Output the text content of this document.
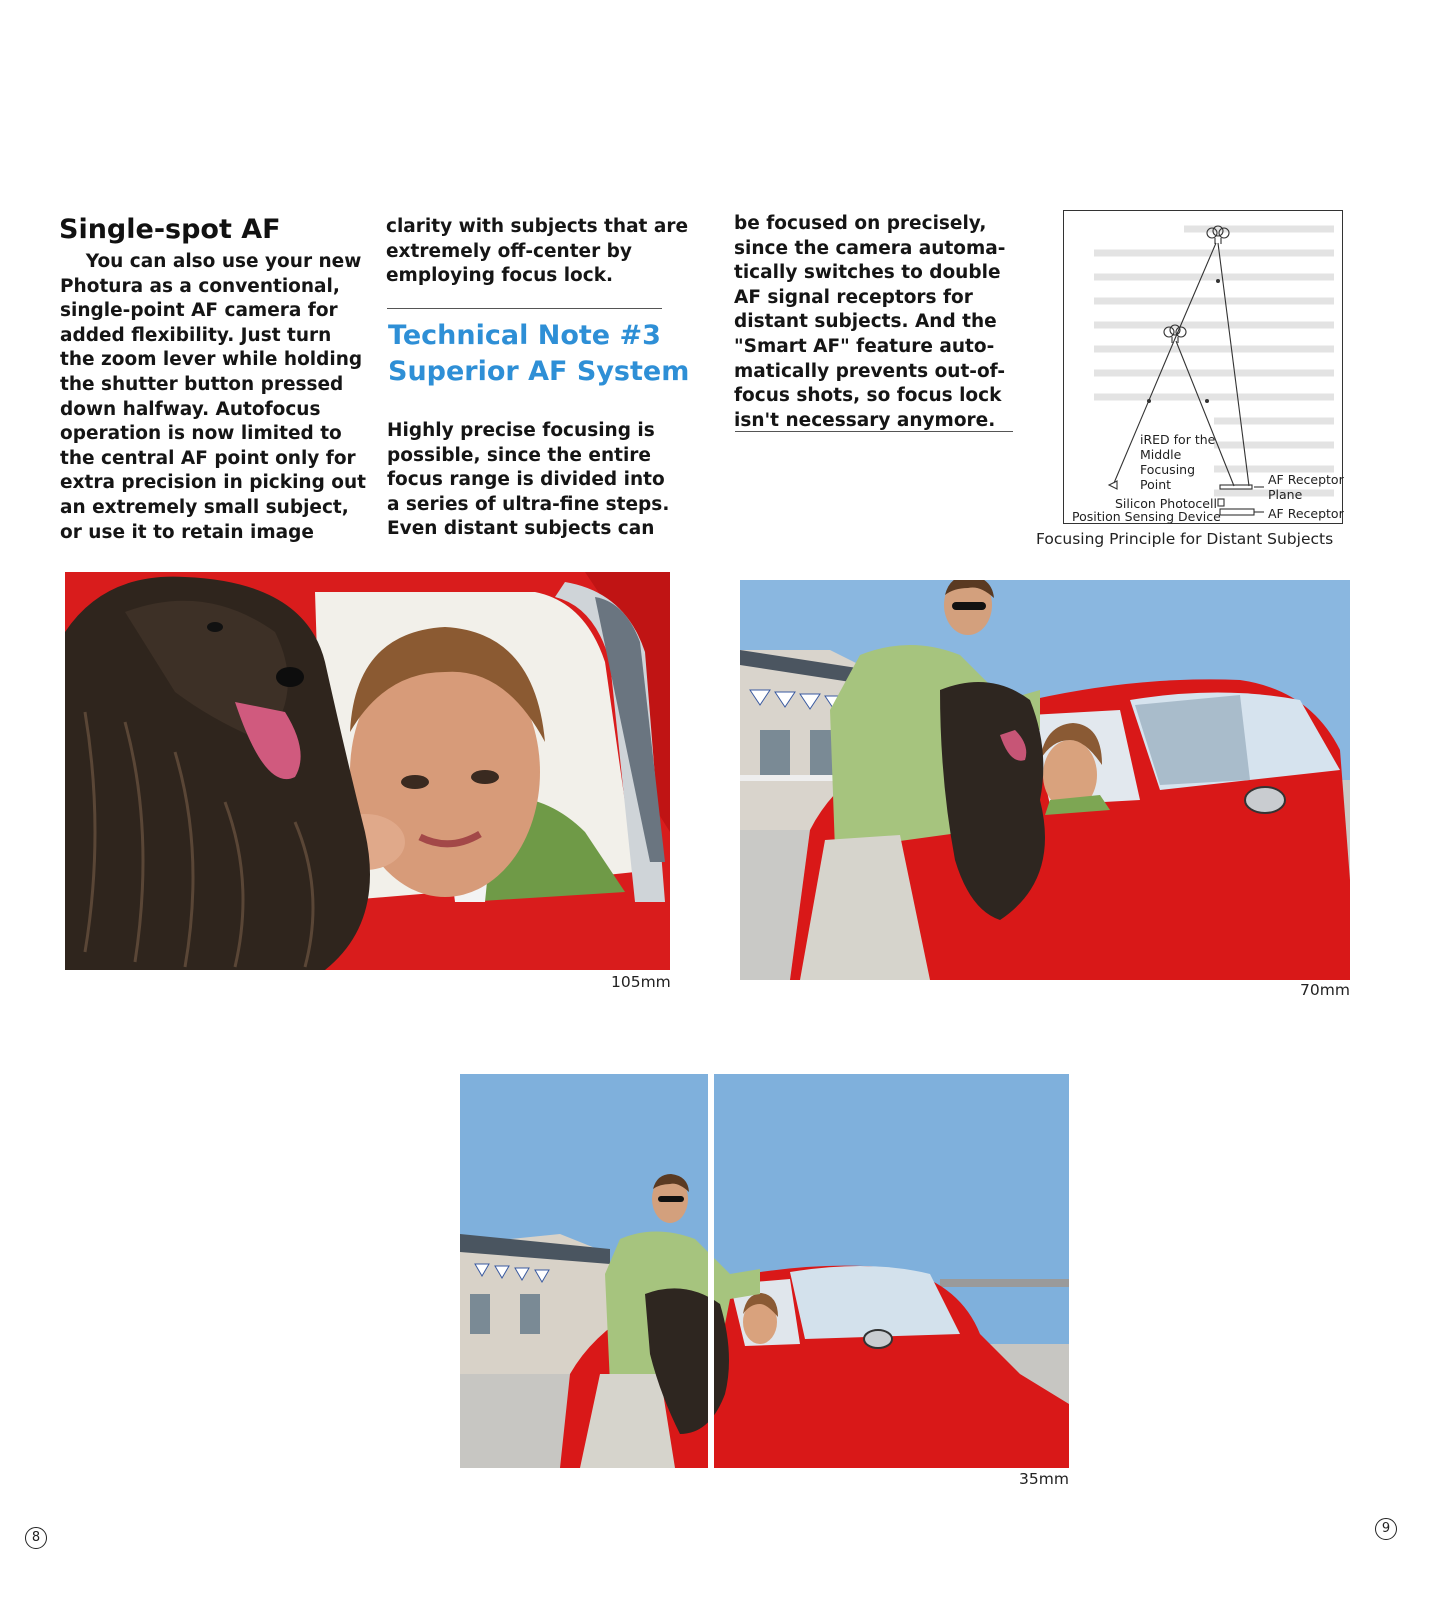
Single-spot AF
You can also use your new
Photura as a conventional,
single-point AF camera for
added flexibility. Just turn
the zoom lever while holding
the shutter button pressed
down halfway. Autofocus
operation is now limited to
the central AF point only for
extra precision in picking out
an extremely small subject,
or use it to retain image
clarity with subjects that are
extremely off-center by
employing focus lock.
Technical Note #3
Superior AF System
Highly precise focusing is
possible, since the entire
focus range is divided into
a series of ultra-fine steps.
Even distant subjects can
be focused on precisely,
since the camera automa-
tically switches to double
AF signal receptors for
distant subjects. And the
"Smart AF" feature auto-
matically prevents out-of-
focus shots, so focus lock
isn't necessary anymore.
iRED for the
Middle
Focusing
Point
Silicon Photocell
Position Sensing Device
AF Receptor
Plane
AF Receptor
Focusing Principle for Distant Subjects
105mm	70mm
35mm
8
9
